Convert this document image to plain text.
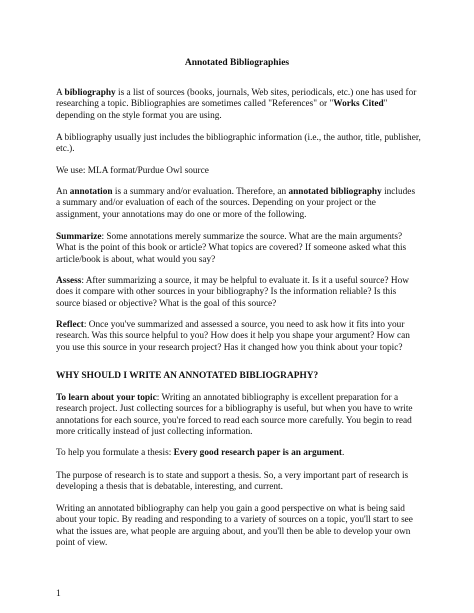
Annotated Bibliographies

A bibliography is a list of sources (books, journals, Web sites, periodicals, etc.) one has used for researching a topic. Bibliographies are sometimes called "References" or "Works Cited" depending on the style format you are using.

A bibliography usually just includes the bibliographic information (i.e., the author, title, publisher, etc.).

We use: MLA format/Purdue Owl source

An annotation is a summary and/or evaluation. Therefore, an annotated bibliography includes a summary and/or evaluation of each of the sources. Depending on your project or the assignment, your annotations may do one or more of the following.

Summarize: Some annotations merely summarize the source. What are the main arguments? What is the point of this book or article? What topics are covered? If someone asked what this article/book is about, what would you say?

Assess: After summarizing a source, it may be helpful to evaluate it. Is it a useful source? How does it compare with other sources in your bibliography? Is the information reliable? Is this source biased or objective? What is the goal of this source?

Reflect: Once you've summarized and assessed a source, you need to ask how it fits into your research. Was this source helpful to you? How does it help you shape your argument? How can you use this source in your research project? Has it changed how you think about your topic?

WHY SHOULD I WRITE AN ANNOTATED BIBLIOGRAPHY?

To learn about your topic: Writing an annotated bibliography is excellent preparation for a research project. Just collecting sources for a bibliography is useful, but when you have to write annotations for each source, you're forced to read each source more carefully. You begin to read more critically instead of just collecting information.

To help you formulate a thesis: Every good research paper is an argument.

The purpose of research is to state and support a thesis. So, a very important part of research is developing a thesis that is debatable, interesting, and current.

Writing an annotated bibliography can help you gain a good perspective on what is being said about your topic. By reading and responding to a variety of sources on a topic, you'll start to see what the issues are, what people are arguing about, and you'll then be able to develop your own point of view.

1
